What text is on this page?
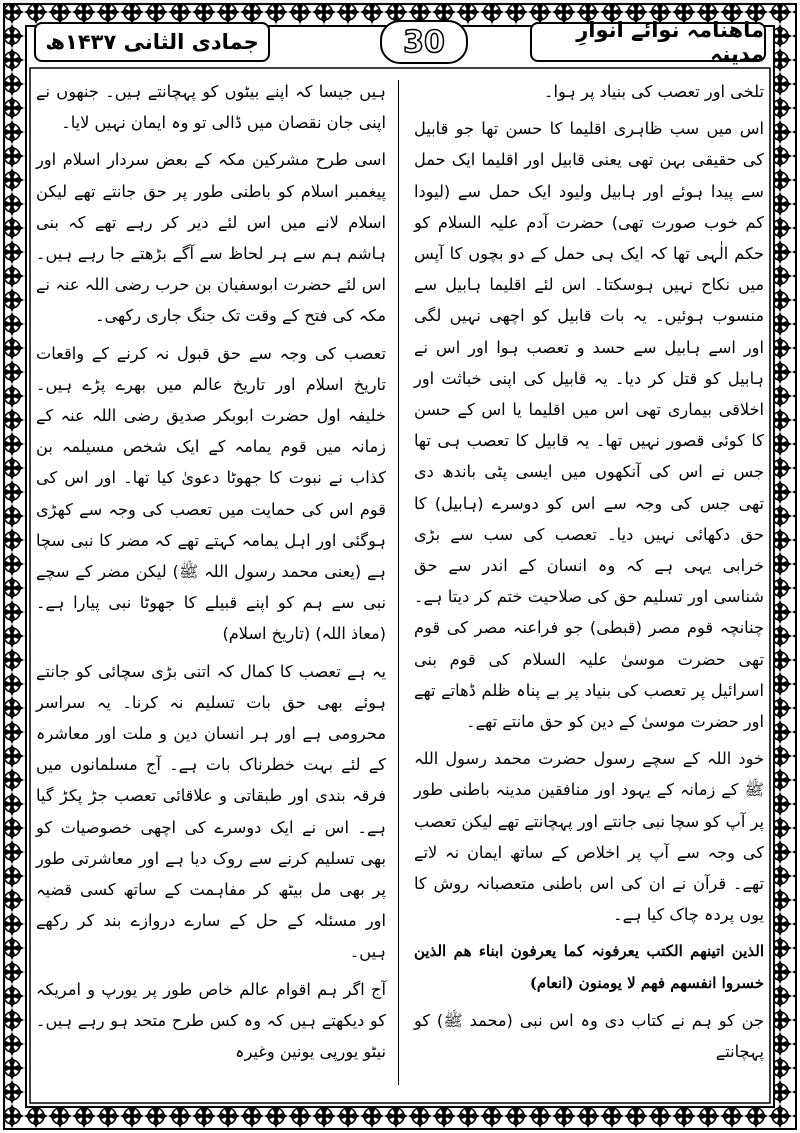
ماهنامہ نوائے انوارِ مدینہ
30
جمادی الثانی ۱۴۳۷ھ

تلخی اور تعصب کی بنیاد پر ہوا۔

اس میں سب ظاہری اقلیما کا حسن تھا جو قابیل کی حقیقی بہن تھی یعنی قابیل اور اقلیما ایک حمل سے پیدا ہوئے اور ہابیل ولیود ایک حمل سے (لیودا کم خوب صورت تھی) حضرت آدم علیہ السلام کو حکم الٰہی تھا کہ ایک ہی حمل کے دو بچوں کا آپس میں نکاح نہیں ہوسکتا۔ اس لئے اقلیما ہابیل سے منسوب ہوئیں۔ یہ بات قابیل کو اچھی نہیں لگی اور اسے ہابیل سے حسد و تعصب ہوا اور اس نے ہابیل کو قتل کر دیا۔ یہ قابیل کی اپنی خباثت اور اخلاقی بیماری تھی اس میں اقلیما یا اس کے حسن کا کوئی قصور نہیں تھا۔ یہ قابیل کا تعصب ہی تھا جس نے اس کی آنکھوں میں ایسی پٹی باندھ دی تھی جس کی وجہ سے اس کو دوسرے (ہابیل) کا حق دکھائی نہیں دیا۔ تعصب کی سب سے بڑی خرابی یہی ہے کہ وہ انسان کے اندر سے حق شناسی اور تسلیم حق کی صلاحیت ختم کر دیتا ہے۔ چنانچہ قوم مصر (قبطی) جو فراعنہ مصر کی قوم تھی حضرت موسیٰ علیہ السلام کی قوم بنی اسرائیل پر تعصب کی بنیاد پر بے پناہ ظلم ڈھاتے تھے اور حضرت موسیٰ کے دین کو حق مانتے تھے۔

خود اللہ کے سچے رسول حضرت محمد رسول اللہ ﷺ کے زمانہ کے یہود اور منافقین مدینہ باطنی طور پر آپ کو سچا نبی جانتے اور پہچانتے تھے لیکن تعصب کی وجہ سے آپ پر اخلاص کے ساتھ ایمان نہ لاتے تھے۔ قرآن نے ان کی اس باطنی متعصبانہ روش کا یوں پردہ چاک کیا ہے۔

الذین اتینھم الکتب یعرفونہ کما یعرفون ابناء ھم الذین خسروا انفسھم فھم لا یومنون (انعام)

جن کو ہم نے کتاب دی وہ اس نبی (محمد ﷺ) کو پہچانتے

ہیں جیسا کہ اپنے بیٹوں کو پہچانتے ہیں۔ جنھوں نے اپنی جان نقصان میں ڈالی تو وہ ایمان نہیں لایا۔

اسی طرح مشرکین مکہ کے بعض سردار اسلام اور پیغمبر اسلام کو باطنی طور پر حق جانتے تھے لیکن اسلام لانے میں اس لئے دیر کر رہے تھے کہ بنی ہاشم ہم سے ہر لحاظ سے آگے بڑھتے جا رہے ہیں۔ اس لئے حضرت ابوسفیان بن حرب رضی اللہ عنہ نے مکہ کی فتح کے وقت تک جنگ جاری رکھی۔

تعصب کی وجہ سے حق قبول نہ کرنے کے واقعات تاریخ اسلام اور تاریخ عالم میں بھرے پڑے ہیں۔ خلیفہ اول حضرت ابوبکر صدیق رضی اللہ عنہ کے زمانہ میں قوم یمامہ کے ایک شخص مسیلمہ بن کذاب نے نبوت کا جھوٹا دعویٰ کیا تھا۔ اور اس کی قوم اس کی حمایت میں تعصب کی وجہ سے کھڑی ہوگئی اور اہل یمامہ کہتے تھے کہ مضر کا نبی سچا ہے (یعنی محمد رسول اللہ ﷺ) لیکن مضر کے سچے نبی سے ہم کو اپنے قبیلے کا جھوٹا نبی پیارا ہے۔ (معاذ اللہ) (تاریخ اسلام)

یہ ہے تعصب کا کمال کہ اتنی بڑی سچائی کو جانتے ہوئے بھی حق بات تسلیم نہ کرنا۔ یہ سراسر محرومی ہے اور ہر انسان دین و ملت اور معاشرہ کے لئے بہت خطرناک بات ہے۔ آج مسلمانوں میں فرقہ بندی اور طبقاتی و علاقائی تعصب جڑ پکڑ گیا ہے۔ اس نے ایک دوسرے کی اچھی خصوصیات کو بھی تسلیم کرنے سے روک دیا ہے اور معاشرتی طور پر بھی مل بیٹھ کر مفاہمت کے ساتھ کسی قضیہ اور مسئلہ کے حل کے سارے دروازے بند کر رکھے ہیں۔

آج اگر ہم اقوام عالم خاص طور پر یورپ و امریکہ کو دیکھتے ہیں کہ وہ کس طرح متحد ہو رہے ہیں۔ نیٹو یورپی یونین وغیرہ
